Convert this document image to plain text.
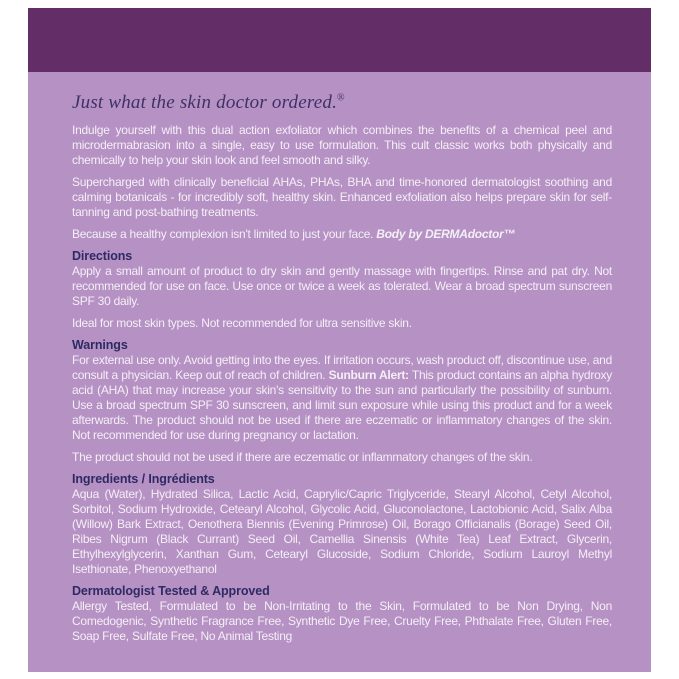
Just what the skin doctor ordered.®

Indulge yourself with this dual action exfoliator which combines the benefits of a chemical peel and microdermabrasion into a single, easy to use formulation. This cult classic works both physically and chemically to help your skin look and feel smooth and silky.

Supercharged with clinically beneficial AHAs, PHAs, BHA and time-honored dermatologist soothing and calming botanicals - for incredibly soft, healthy skin. Enhanced exfoliation also helps prepare skin for self-tanning and post-bathing treatments.

Because a healthy complexion isn't limited to just your face. Body by DERMAdoctor™

Directions

Apply a small amount of product to dry skin and gently massage with fingertips. Rinse and pat dry. Not recommended for use on face. Use once or twice a week as tolerated. Wear a broad spectrum sunscreen SPF 30 daily.

Ideal for most skin types. Not recommended for ultra sensitive skin.

Warnings

For external use only. Avoid getting into the eyes. If irritation occurs, wash product off, discontinue use, and consult a physician. Keep out of reach of children. Sunburn Alert: This product contains an alpha hydroxy acid (AHA) that may increase your skin's sensitivity to the sun and particularly the possibility of sunburn. Use a broad spectrum SPF 30 sunscreen, and limit sun exposure while using this product and for a week afterwards. The product should not be used if there are eczematic or inflammatory changes of the skin. Not recommended for use during pregnancy or lactation.

The product should not be used if there are eczematic or inflammatory changes of the skin.

Ingredients / Ingrédients

Aqua (Water), Hydrated Silica, Lactic Acid, Caprylic/Capric Triglyceride, Stearyl Alcohol, Cetyl Alcohol, Sorbitol, Sodium Hydroxide, Cetearyl Alcohol, Glycolic Acid, Gluconolactone, Lactobionic Acid, Salix Alba (Willow) Bark Extract, Oenothera Biennis (Evening Primrose) Oil, Borago Officianalis (Borage) Seed Oil, Ribes Nigrum (Black Currant) Seed Oil, Camellia Sinensis (White Tea) Leaf Extract, Glycerin, Ethylhexylglycerin, Xanthan Gum, Cetearyl Glucoside, Sodium Chloride, Sodium Lauroyl Methyl Isethionate, Phenoxyethanol

Dermatologist Tested & Approved

Allergy Tested, Formulated to be Non-Irritating to the Skin, Formulated to be Non Drying, Non Comedogenic, Synthetic Fragrance Free, Synthetic Dye Free, Cruelty Free, Phthalate Free, Gluten Free, Soap Free, Sulfate Free, No Animal Testing
